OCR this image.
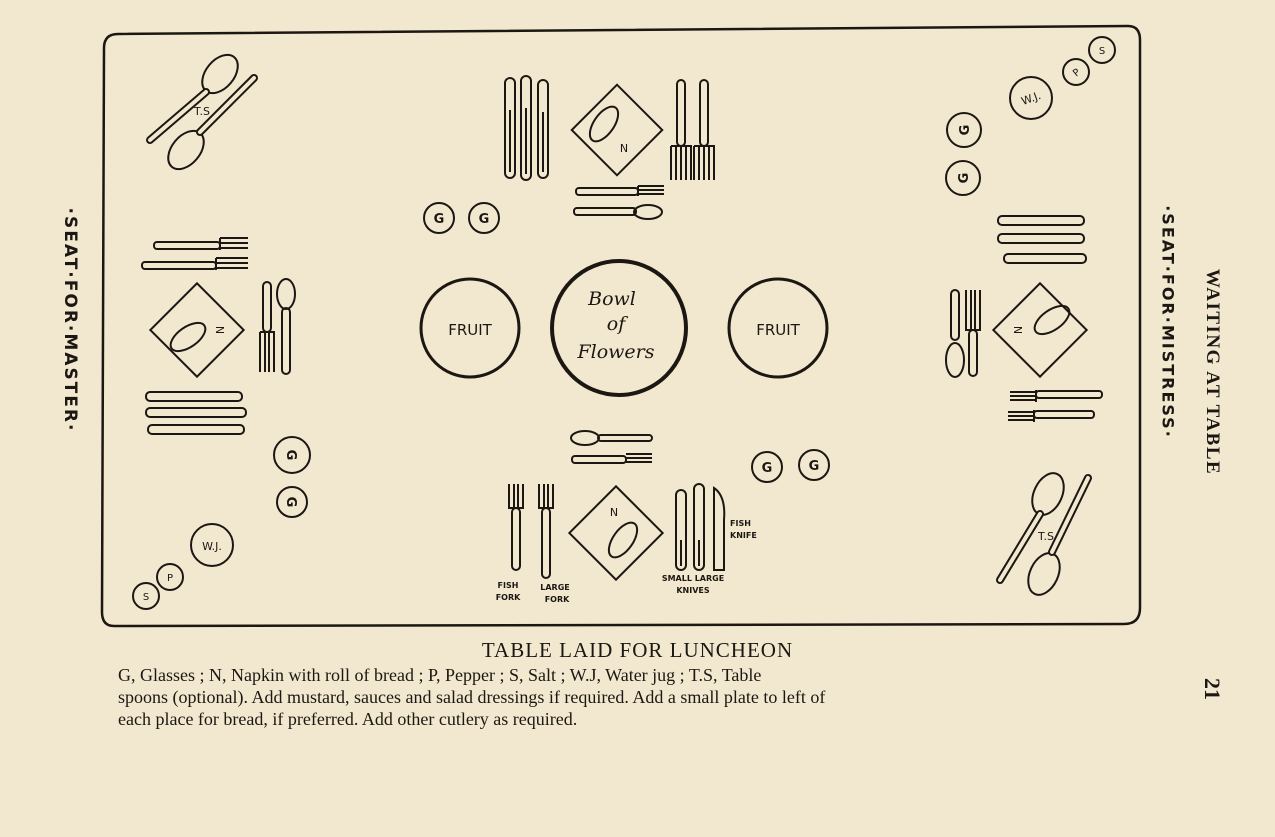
Bowl
of
Flowers
FRUIT	FRUIT
G	G
G	G
G
G
G
G
W.J.
W.J.
P
S
P
S
N
N
N	N
T.S
T.S
FISH
FORK
LARGE
FORK
SMALL LARGE
KNIVES
FISH
KNIFE
·SEAT·FOR·MASTER·	·SEAT·FOR·MISTRESS· WAITING AT TABLE
21
TABLE LAID FOR LUNCHEON
G, Glasses ; N, Napkin with roll of bread ; P, Pepper ; S, Salt ; W.J, Water jug ; T.S, Table
spoons (optional). Add mustard, sauces and salad dressings if required. Add a small plate to left of
each place for bread, if preferred. Add other cutlery as required.
